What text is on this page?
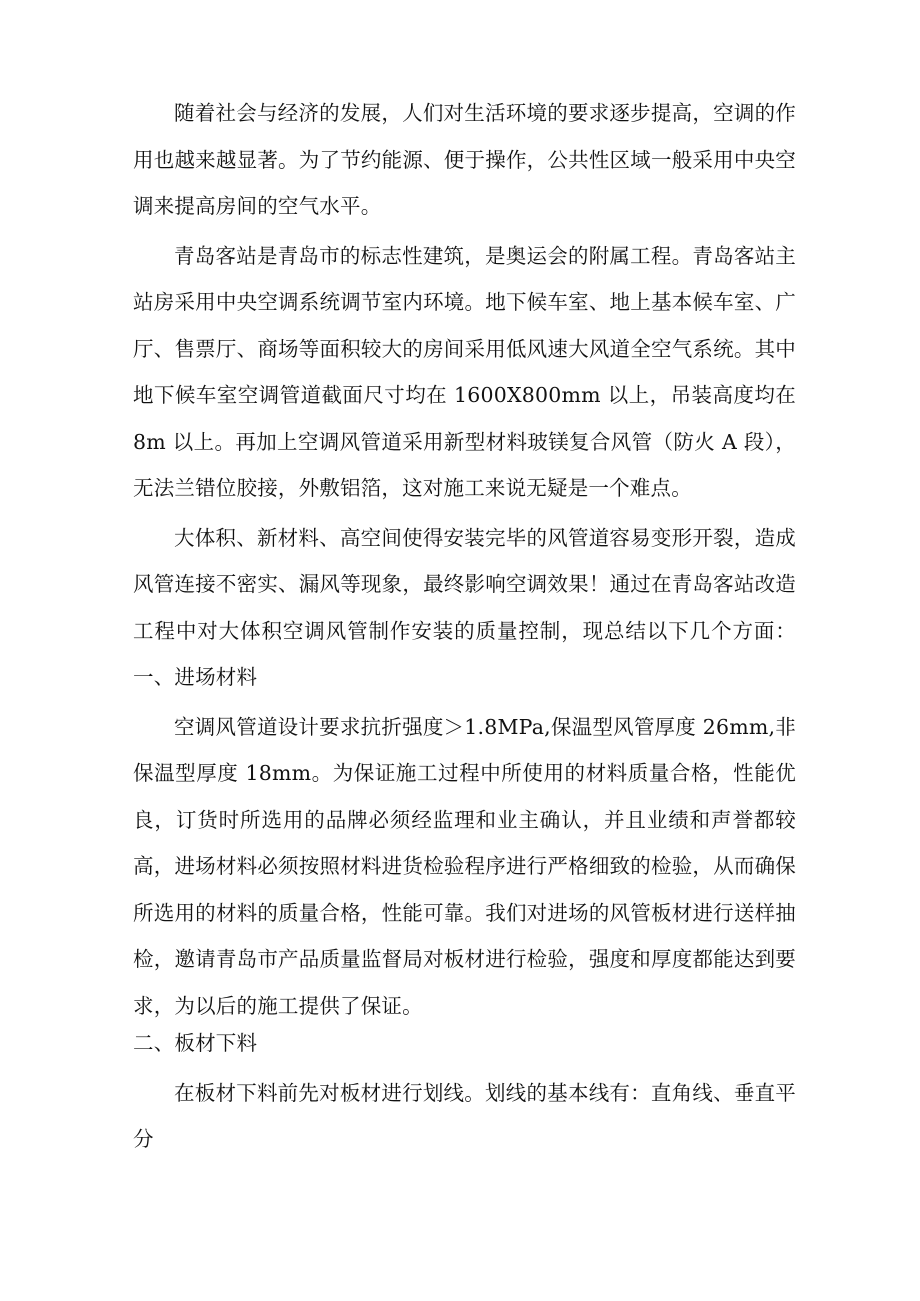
随着社会与经济的发展，人们对生活环境的要求逐步提高，空调的作用也越来越显著。为了节约能源、便于操作，公共性区域一般采用中央空调来提高房间的空气水平。

青岛客站是青岛市的标志性建筑，是奥运会的附属工程。青岛客站主站房采用中央空调系统调节室内环境。地下候车室、地上基本候车室、广厅、售票厅、商场等面积较大的房间采用低风速大风道全空气系统。其中地下候车室空调管道截面尺寸均在 1600X800mm 以上，吊装高度均在 8m 以上。再加上空调风管道采用新型材料玻镁复合风管（防火 A 段），无法兰错位胶接，外敷铝箔，这对施工来说无疑是一个难点。

大体积、新材料、高空间使得安装完毕的风管道容易变形开裂，造成风管连接不密实、漏风等现象，最终影响空调效果！通过在青岛客站改造工程中对大体积空调风管制作安装的质量控制，现总结以下几个方面：一、进场材料

空调风管道设计要求抗折强度＞1.8MPa,保温型风管厚度 26mm,非保温型厚度 18mm。为保证施工过程中所使用的材料质量合格，性能优良，订货时所选用的品牌必须经监理和业主确认，并且业绩和声誉都较高，进场材料必须按照材料进货检验程序进行严格细致的检验，从而确保所选用的材料的质量合格，性能可靠。我们对进场的风管板材进行送样抽检，邀请青岛市产品质量监督局对板材进行检验，强度和厚度都能达到要求，为以后的施工提供了保证。

二、板材下料

在板材下料前先对板材进行划线。划线的基本线有：直角线、垂直平分
